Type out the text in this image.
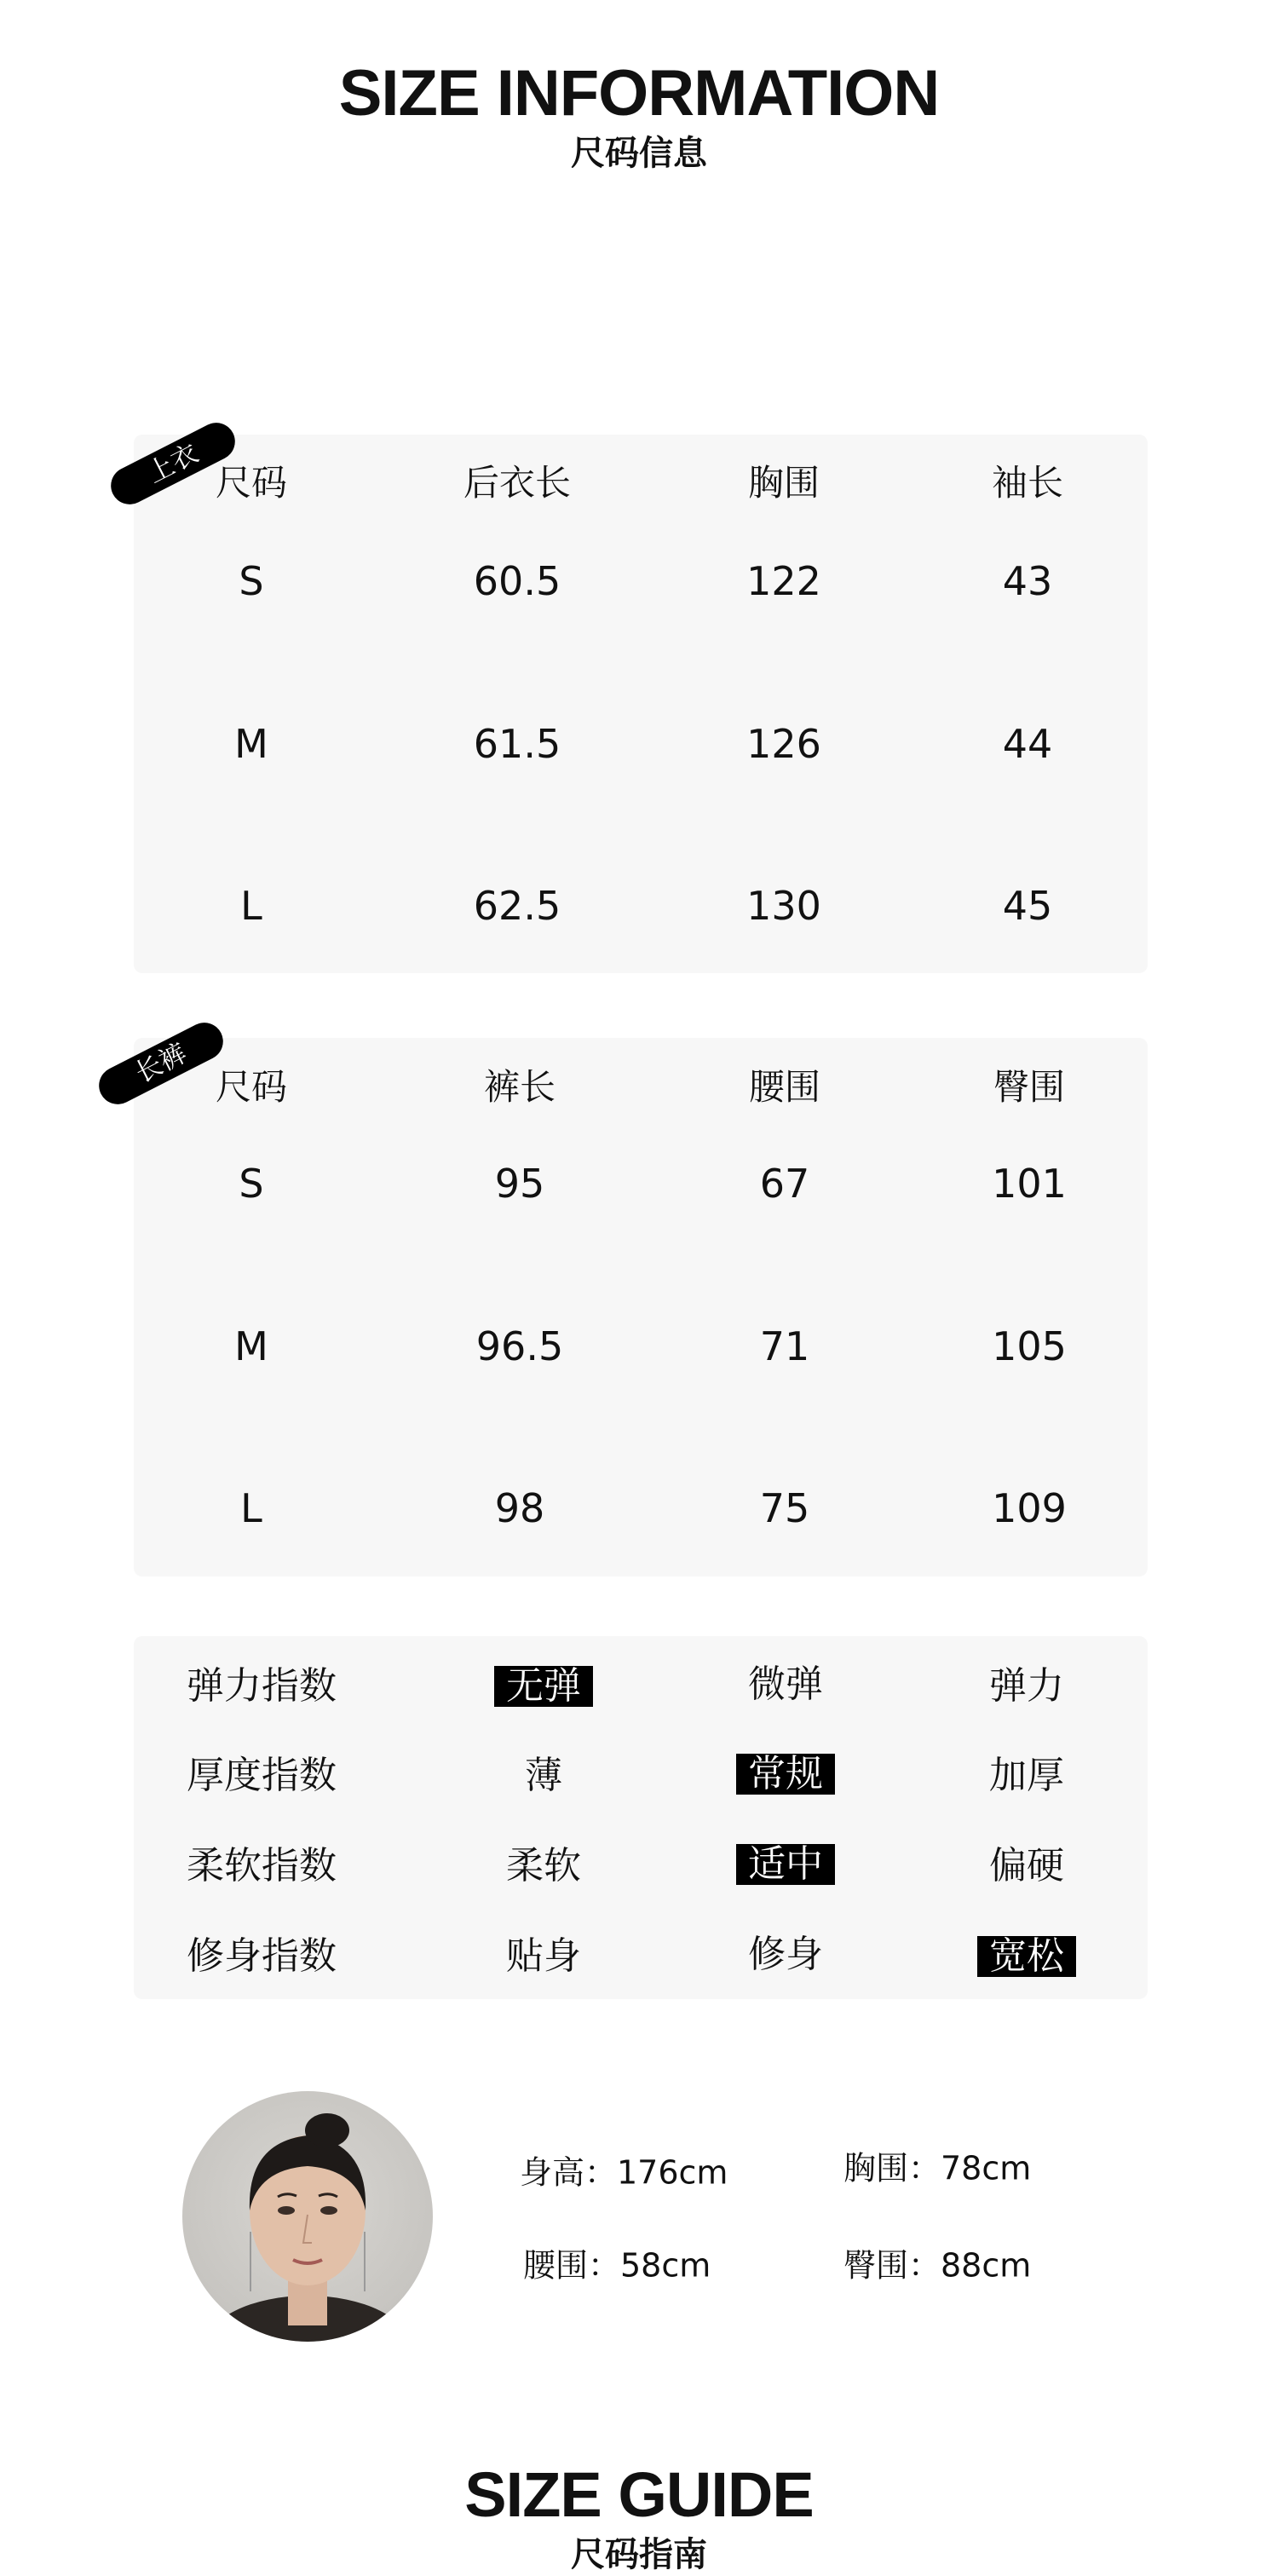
SIZE INFORMATION
尺码信息
尺码	后衣长	胸围	袖长
S	60.5	122	43
M	61.5	126	44
L	62.5	130	45
上衣
尺码	裤长	腰围	臀围
S	95	67	101
M	96.5	71	105
L	98	75	109
长裤
弹力指数	无弹	微弹	弹力
厚度指数	薄	常规	加厚
柔软指数	柔软	适中	偏硬
修身指数	贴身	修身	宽松
身高：176cm	胸围：78cm
腰围：58cm	臀围：88cm
SIZE GUIDE
尺码指南
